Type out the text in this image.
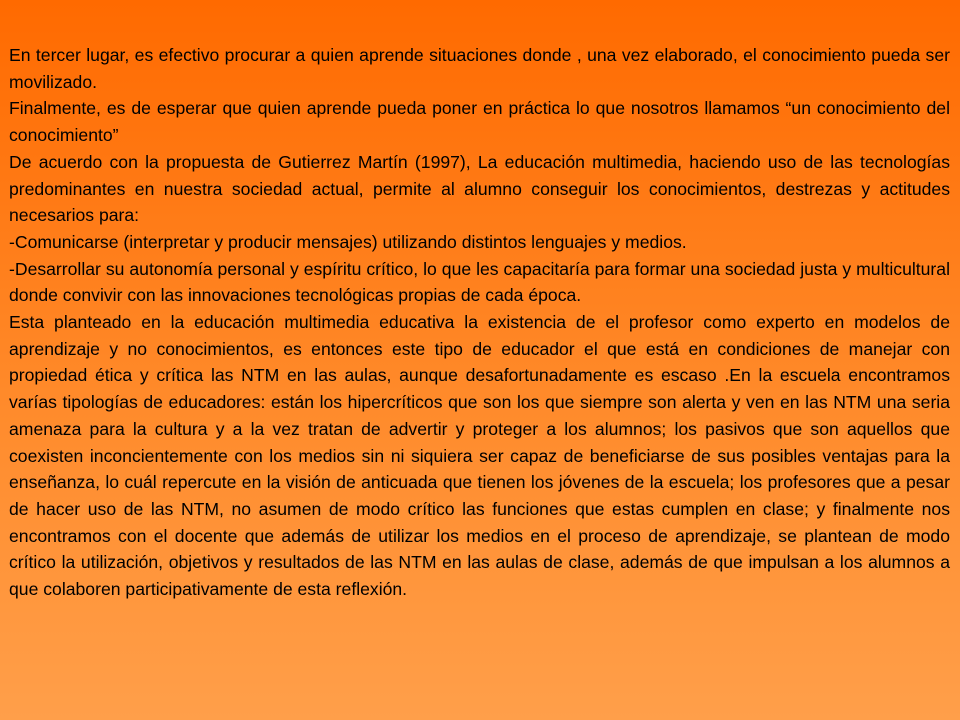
En tercer lugar, es efectivo procurar a quien aprende situaciones donde , una vez elaborado, el conocimiento pueda ser movilizado.

Finalmente, es de esperar que quien aprende pueda poner en práctica lo que nosotros llamamos “un conocimiento del conocimiento”

De acuerdo con la propuesta de Gutierrez Martín (1997), La educación multimedia, haciendo uso de las tecnologías predominantes en nuestra sociedad actual, permite al alumno conseguir los conocimientos, destrezas y actitudes necesarios para:

-Comunicarse (interpretar y producir mensajes) utilizando distintos lenguajes y medios.

-Desarrollar su autonomía personal y espíritu crítico, lo que les capacitaría para formar una sociedad justa y multicultural donde convivir con las innovaciones tecnológicas propias de cada época.

Esta planteado en la educación multimedia educativa la existencia de el profesor como experto en modelos de aprendizaje y no conocimientos, es entonces este tipo de educador el que está en condiciones de manejar con propiedad ética y crítica las NTM en las aulas, aunque desafortunadamente es escaso .En la escuela encontramos varías tipologías de educadores: están los hipercríticos que son los que siempre son alerta y ven en las NTM una seria amenaza para la cultura y a la vez tratan de advertir y proteger a los alumnos; los pasivos que son aquellos que coexisten inconcientemente con los medios sin ni siquiera ser capaz de beneficiarse de sus posibles ventajas para la enseñanza, lo cuál repercute en la visión de anticuada que tienen los jóvenes de la escuela; los profesores que a pesar de hacer uso de las NTM, no asumen de modo crítico las funciones que estas cumplen en clase; y finalmente nos encontramos con el docente que además de utilizar los medios en el proceso de aprendizaje, se plantean de modo crítico la utilización, objetivos y resultados de las NTM en las aulas de clase, además de que impulsan a los alumnos a que colaboren participativamente de esta reflexión.
